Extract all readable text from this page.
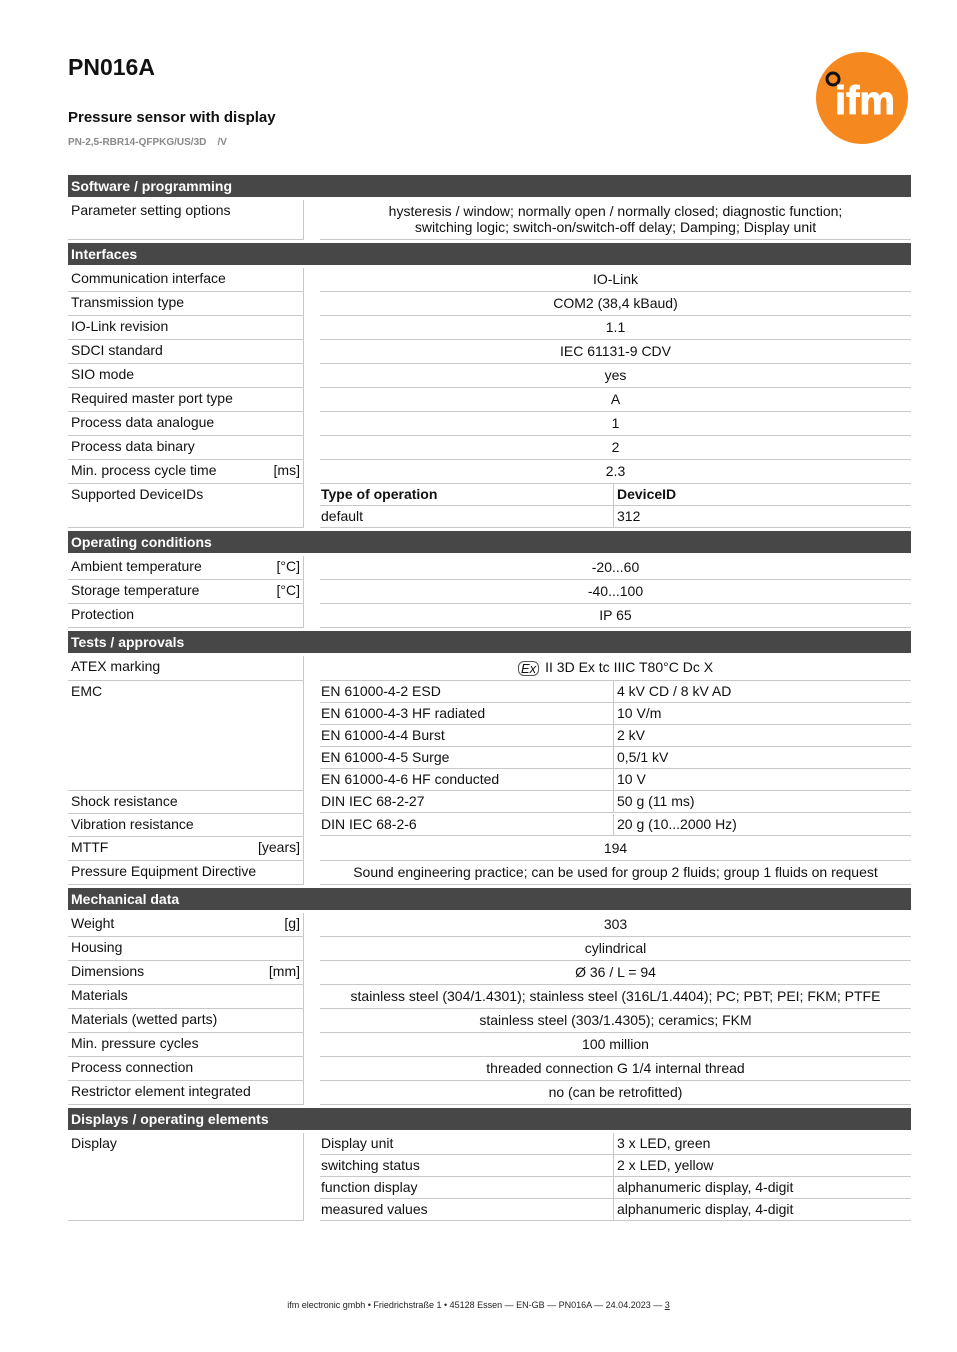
PN016A
Pressure sensor with display

PN-2,5-RBR14-QFPKG/US/3D    /V

ifm
Software / programming
Parameter setting options	hysteresis / window; normally open / normally closed; diagnostic function;
switching logic; switch-on/switch-off delay; Damping; Display unit
Interfaces
Communication interface	IO-Link
Transmission type	COM2 (38,4 kBaud)
IO-Link revision	1.1
SDCI standard	IEC 61131-9 CDV
SIO mode	yes
Required master port type	A
Process data analogue	1
Process data binary	2
Min. process cycle time	[ms]	2.3
Supported DeviceIDs	Type of operation	DeviceID
default	312
Operating conditions
Ambient temperature	[°C]	-20...60
Storage temperature	[°C]	-40...100
Protection	IP 65
Tests / approvals
ATEX marking	Ex II 3D Ex tc IIIC T80°C Dc X
EMC	EN 61000-4-2 ESD	4 kV CD / 8 kV AD
EN 61000-4-3 HF radiated	10 V/m
EN 61000-4-4 Burst	2 kV
EN 61000-4-5 Surge	0,5/1 kV
EN 61000-4-6 HF conducted	10 V
Shock resistance	DIN IEC 68-2-27	50 g (11 ms)
Vibration resistance	DIN IEC 68-2-6	20 g (10...2000 Hz)
MTTF	[years]	194
Pressure Equipment Directive	Sound engineering practice; can be used for group 2 fluids; group 1 fluids on request
Mechanical data
Weight	[g]	303
Housing	cylindrical
Dimensions	[mm]	Ø 36 / L = 94
Materials	stainless steel (304/1.4301); stainless steel (316L/1.4404); PC; PBT; PEI; FKM; PTFE
Materials (wetted parts)	stainless steel (303/1.4305); ceramics; FKM
Min. pressure cycles	100 million
Process connection	threaded connection G 1/4 internal thread
Restrictor element integrated	no (can be retrofitted)
Displays / operating elements
Display	Display unit	3 x LED, green
switching status	2 x LED, yellow
function display	alphanumeric display, 4-digit
measured values	alphanumeric display, 4-digit
ifm electronic gmbh • Friedrichstraße 1 • 45128 Essen — EN-GB — PN016A — 24.04.2023 — 3
